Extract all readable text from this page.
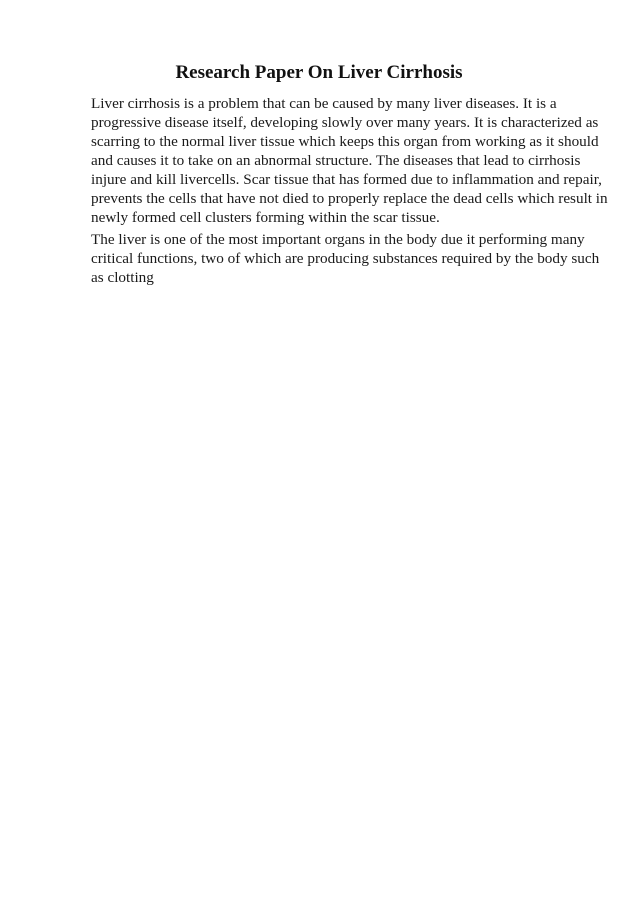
Research Paper On Liver Cirrhosis

Liver cirrhosis is a problem that can be caused by many liver diseases. It is a
progressive disease itself, developing slowly over many years. It is characterized as
scarring to the normal liver tissue which keeps this organ from working as it should
and causes it to take on an abnormal structure. The diseases that lead to cirrhosis
injure and kill livercells. Scar tissue that has formed due to inflammation and repair,
prevents the cells that have not died to properly replace the dead cells which result in
newly formed cell clusters forming within the scar tissue.

The liver is one of the most important organs in the body due it performing many
critical functions, two of which are producing substances required by the body such
as clotting
